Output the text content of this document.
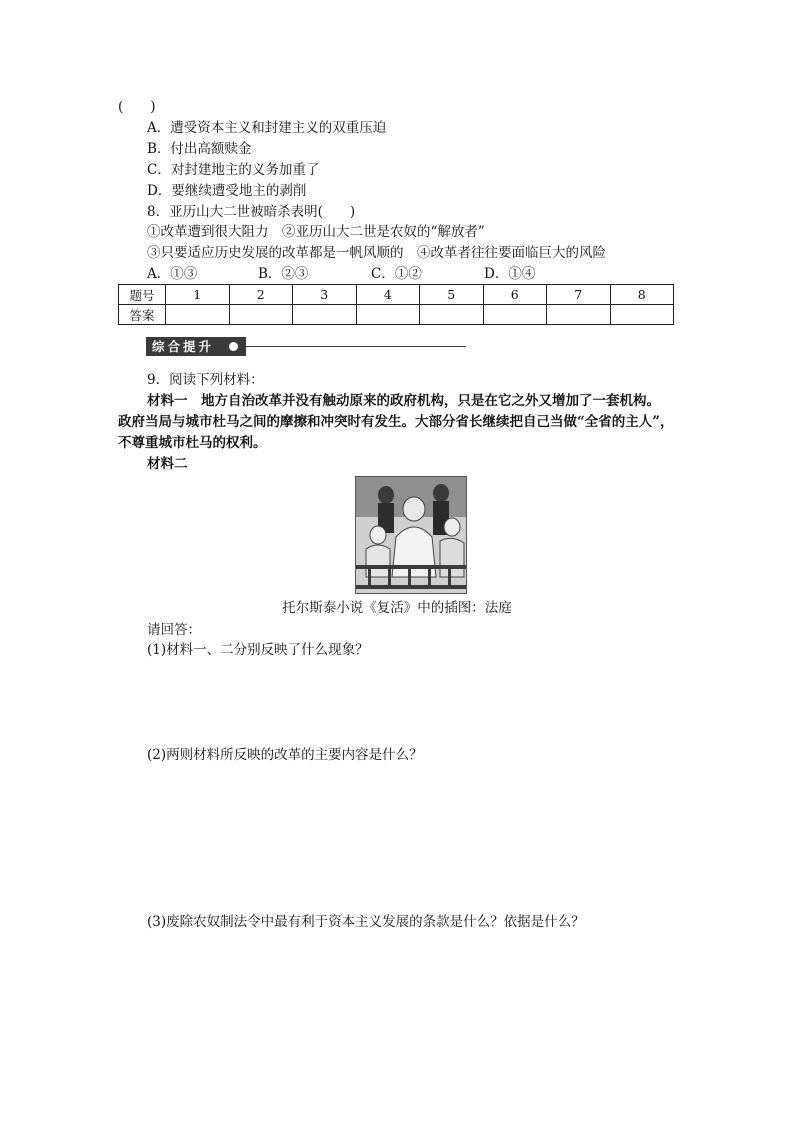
(　　)
A．遭受资本主义和封建主义的双重压迫
B．付出高额赎金
C．对封建地主的义务加重了
D．要继续遭受地主的剥削
8．亚历山大二世被暗杀表明(　　)
①改革遭到很大阻力　②亚历山大二世是农奴的“解放者”
③只要适应历史发展的改革都是一帆风顺的　④改革者往往要面临巨大的风险
A．①③	B．②③	C．①②	D．①④
题号	1	2	3	4	5	6	7	8
答案								
综合提升
9．阅读下列材料：
材料一　地方自治改革并没有触动原来的政府机构，只是在它之外又增加了一套机构。
政府当局与城市杜马之间的摩擦和冲突时有发生。大部分省长继续把自己当做“全省的主人”，
不尊重城市杜马的权利。
材料二
托尔斯泰小说《复活》中的插图：法庭
请回答：
(1)材料一、二分别反映了什么现象？
(2)两则材料所反映的改革的主要内容是什么？
(3)废除农奴制法令中最有利于资本主义发展的条款是什么？依据是什么？
